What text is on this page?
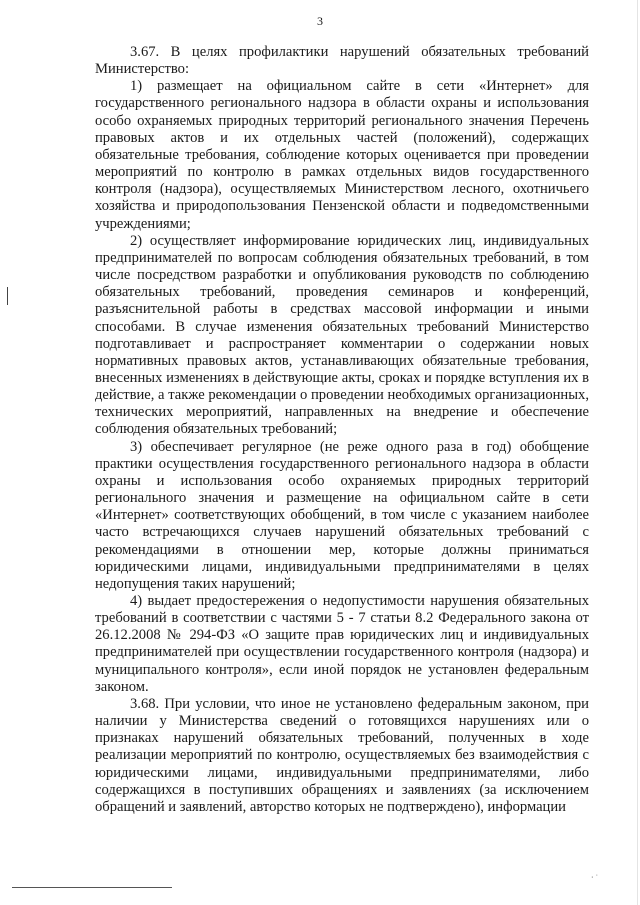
3

3.67. В целях профилактики нарушений обязательных требований Министерство:

1) размещает на официальном сайте в сети «Интернет» для государственного регионального надзора в области охраны и использования особо охраняемых природных территорий регионального значения Перечень правовых актов и их отдельных частей (положений), содержащих обязательные требования, соблюдение которых оценивается при проведении мероприятий по контролю в рамках отдельных видов государственного контроля (надзора), осуществляемых Министерством лесного, охотничьего хозяйства и природопользования Пензенской области и подведомственными учреждениями;

2) осуществляет информирование юридических лиц, индивидуальных предпринимателей по вопросам соблюдения обязательных требований, в том числе посредством разработки и опубликования руководств по соблюдению обязательных требований, проведения семинаров и конференций, разъяснительной работы в средствах массовой информации и иными способами. В случае изменения обязательных требований Министерство подготавливает и распространяет комментарии о содержании новых нормативных правовых актов, устанавливающих обязательные требования, внесенных изменениях в действующие акты, сроках и порядке вступления их в действие, а также рекомендации о проведении необходимых организационных, технических мероприятий, направленных на внедрение и обеспечение соблюдения обязательных требований;

3) обеспечивает регулярное (не реже одного раза в год) обобщение практики осуществления государственного регионального надзора в области охраны и использования особо охраняемых природных территорий регионального значения и размещение на официальном сайте в сети «Интернет» соответствующих обобщений, в том числе с указанием наиболее часто встречающихся случаев нарушений обязательных требований с рекомендациями в отношении мер, которые должны приниматься юридическими лицами, индивидуальными предпринимателями в целях недопущения таких нарушений;

4) выдает предостережения о недопустимости нарушения обязательных требований в соответствии с частями 5 - 7 статьи 8.2 Федерального закона от 26.12.2008 № 294-ФЗ «О защите прав юридических лиц и индивидуальных предпринимателей при осуществлении государственного контроля (надзора) и муниципального контроля», если иной порядок не установлен федеральным законом.

3.68. При условии, что иное не установлено федеральным законом, при наличии у Министерства сведений о готовящихся нарушениях или о признаках нарушений обязательных требований, полученных в ходе реализации мероприятий по контролю, осуществляемых без взаимодействия с юридическими лицами, индивидуальными предпринимателями, либо содержащихся в поступивших обращениях и заявлениях (за исключением обращений и заявлений, авторство которых не подтверждено), информации

‧ ˙
